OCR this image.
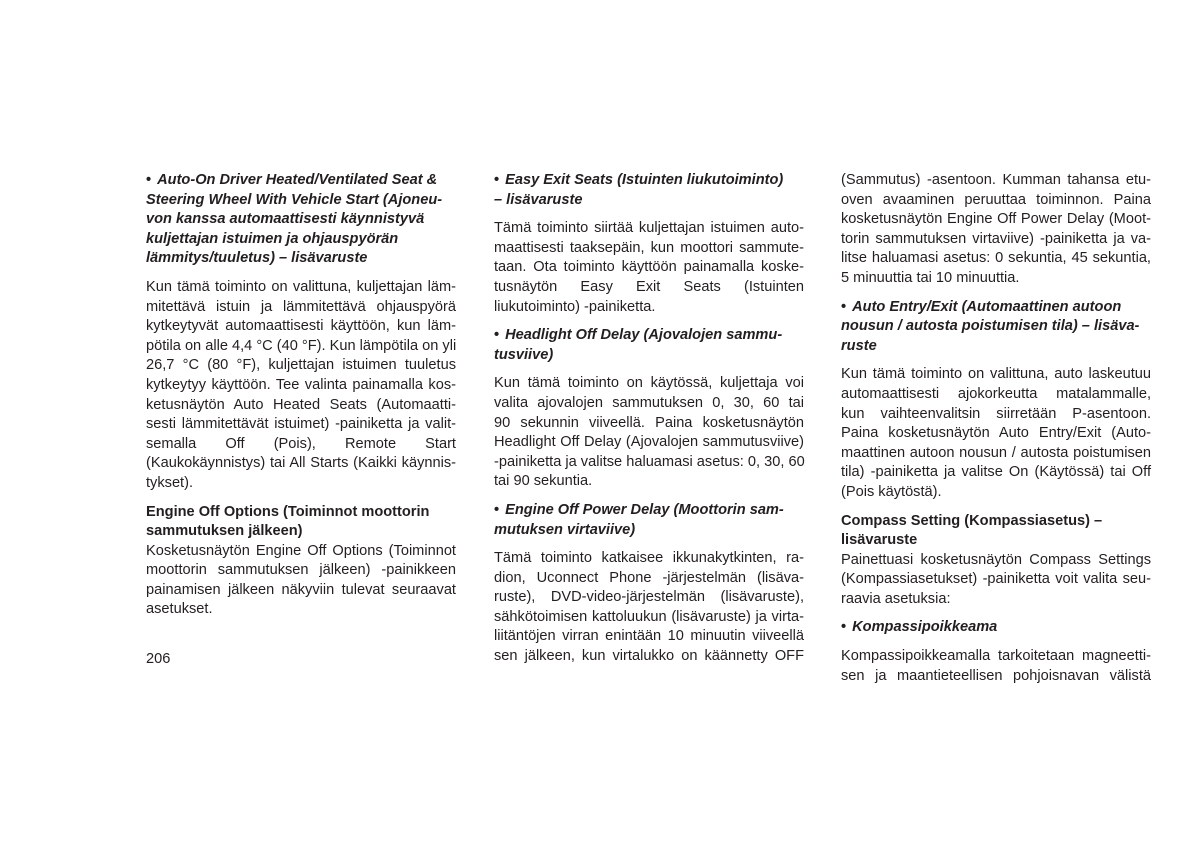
• Auto-On Driver Heated/Ventilated Seat &
Steering Wheel With Vehicle Start (Ajoneu-
von kanssa automaattisesti käynnistyvä
kuljettajan istuimen ja ohjauspyörän
lämmitys/tuuletus) – lisävaruste

Kun tämä toiminto on valittuna, kuljettajan läm-
mitettävä istuin ja lämmitettävä ohjauspyörä
kytkeytyvät automaattisesti käyttöön, kun läm-
pötila on alle 4,4 °C (40 °F). Kun lämpötila on yli
26,7 °C (80 °F), kuljettajan istuimen tuuletus
kytkeytyy käyttöön. Tee valinta painamalla kos-
ketusnäytön Auto Heated Seats (Automaatti-
sesti lämmitettävät istuimet) -painiketta ja valit-
semalla Off (Pois), Remote Start
(Kaukokäynnistys) tai All Starts (Kaikki käynnis-
tykset).

Engine Off Options (Toiminnot moottorin
sammutuksen jälkeen)

Kosketusnäytön Engine Off Options (Toiminnot
moottorin sammutuksen jälkeen) -painikkeen
painamisen jälkeen näkyviin tulevat seuraavat
asetukset.

• Easy Exit Seats (Istuinten liukutoiminto)
– lisävaruste

Tämä toiminto siirtää kuljettajan istuimen auto-
maattisesti taaksepäin, kun moottori sammute-
taan. Ota toiminto käyttöön painamalla koske-
tusnäytön Easy Exit Seats (Istuinten
liukutoiminto) -painiketta.

• Headlight Off Delay (Ajovalojen sammu-
tusviive)

Kun tämä toiminto on käytössä, kuljettaja voi
valita ajovalojen sammutuksen 0, 30, 60 tai
90 sekunnin viiveellä. Paina kosketusnäytön
Headlight Off Delay (Ajovalojen sammutusviive)
-painiketta ja valitse haluamasi asetus: 0, 30, 60
tai 90 sekuntia.

• Engine Off Power Delay (Moottorin sam-
mutuksen virtaviive)

Tämä toiminto katkaisee ikkunakytkinten, ra-
dion, Uconnect Phone -järjestelmän (lisäva-
ruste), DVD-video-järjestelmän (lisävaruste),
sähkötoimisen kattoluukun (lisävaruste) ja virta-
liitäntöjen virran enintään 10 minuutin viiveellä
sen jälkeen, kun virtalukko on käännetty OFF

(Sammutus) -asentoon. Kumman tahansa etu-
oven avaaminen peruuttaa toiminnon. Paina
kosketusnäytön Engine Off Power Delay (Moot-
torin sammutuksen virtaviive) -painiketta ja va-
litse haluamasi asetus: 0 sekuntia, 45 sekuntia,
5 minuuttia tai 10 minuuttia.

• Auto Entry/Exit (Automaattinen autoon
nousun / autosta poistumisen tila) – lisäva-
ruste

Kun tämä toiminto on valittuna, auto laskeutuu
automaattisesti ajokorkeutta matalammalle,
kun vaihteenvalitsin siirretään P-asentoon.
Paina kosketusnäytön Auto Entry/Exit (Auto-
maattinen autoon nousun / autosta poistumisen
tila) -painiketta ja valitse On (Käytössä) tai Off
(Pois käytöstä).

Compass Setting (Kompassiasetus) –
lisävaruste

Painettuasi kosketusnäytön Compass Settings
(Kompassiasetukset) -painiketta voit valita seu-
raavia asetuksia:

• Kompassipoikkeama

Kompassipoikkeamalla tarkoitetaan magneetti-
sen ja maantieteellisen pohjoisnavan välistä

206
